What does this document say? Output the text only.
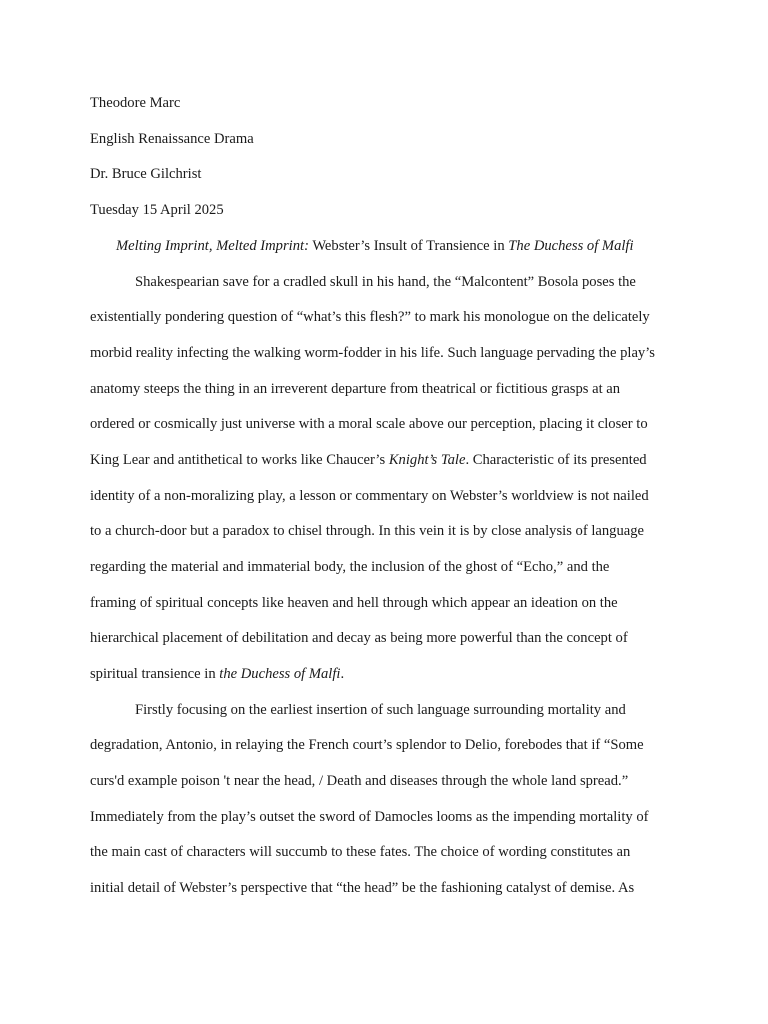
Theodore Marc
English Renaissance Drama
Dr. Bruce Gilchrist
Tuesday 15 April 2025
Melting Imprint, Melted Imprint: Webster’s Insult of Transience in The Duchess of Malfi
Shakespearian save for a cradled skull in his hand, the “Malcontent” Bosola poses the
existentially pondering question of “what’s this flesh?” to mark his monologue on the delicately
morbid reality infecting the walking worm-fodder in his life. Such language pervading the play’s
anatomy steeps the thing in an irreverent departure from theatrical or fictitious grasps at an
ordered or cosmically just universe with a moral scale above our perception, placing it closer to
King Lear and antithetical to works like Chaucer’s Knight’s Tale. Characteristic of its presented
identity of a non-moralizing play, a lesson or commentary on Webster’s worldview is not nailed
to a church-door but a paradox to chisel through. In this vein it is by close analysis of language
regarding the material and immaterial body, the inclusion of the ghost of “Echo,” and the
framing of spiritual concepts like heaven and hell through which appear an ideation on the
hierarchical placement of debilitation and decay as being more powerful than the concept of
spiritual transience in the Duchess of Malfi.
Firstly focusing on the earliest insertion of such language surrounding mortality and
degradation, Antonio, in relaying the French court’s splendor to Delio, forebodes that if “Some
curs'd example poison 't near the head, / Death and diseases through the whole land spread.”
Immediately from the play’s outset the sword of Damocles looms as the impending mortality of
the main cast of characters will succumb to these fates. The choice of wording constitutes an
initial detail of Webster’s perspective that “the head” be the fashioning catalyst of demise. As
